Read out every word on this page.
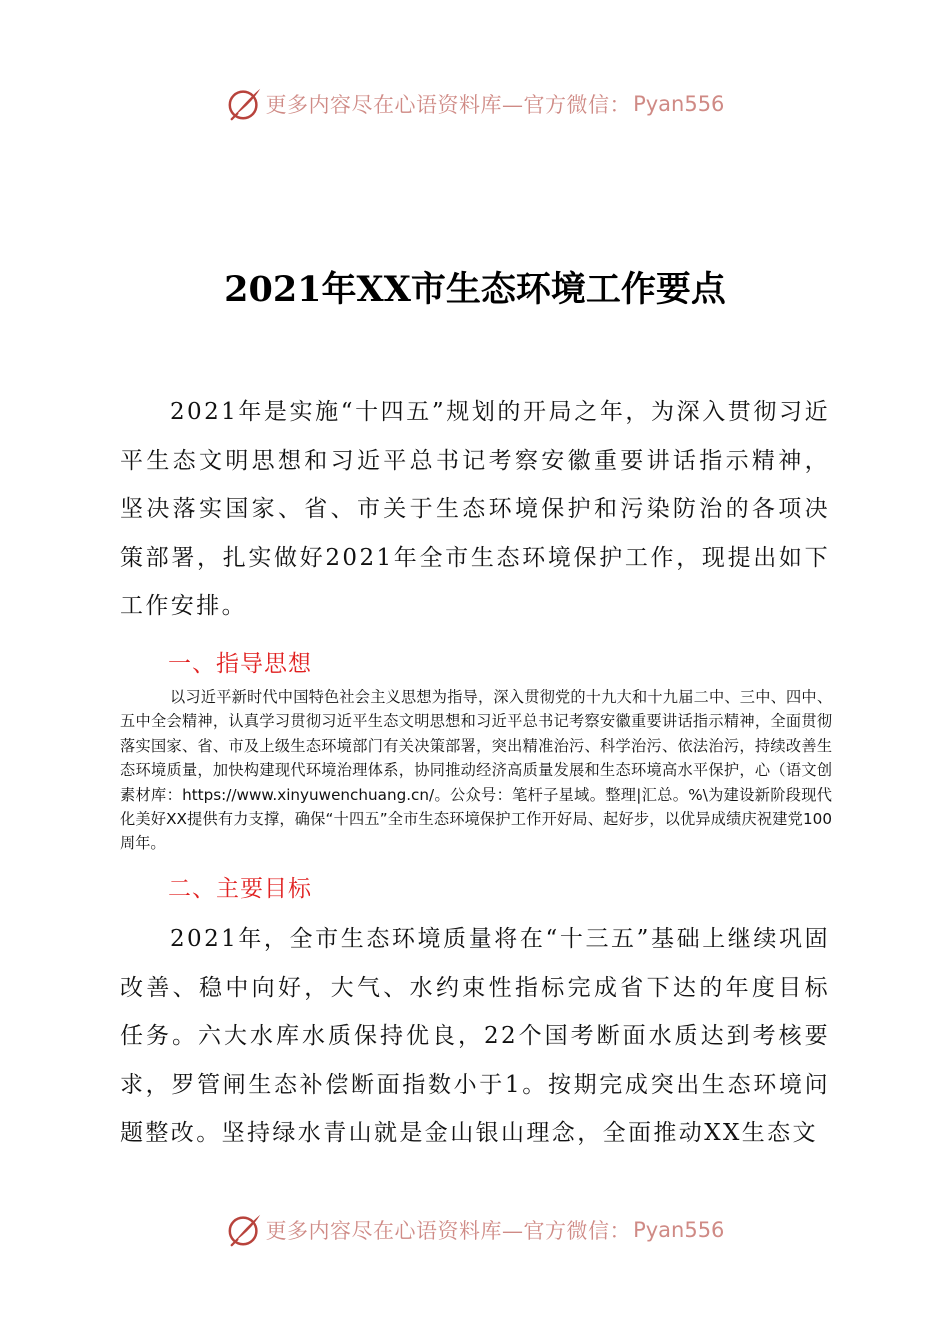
更多内容尽在心语资料库—官方微信： Pyan556
2021年XX市生态环境工作要点

2021年是实施“十四五”规划的开局之年，为深入贯彻习近平生态文明思想和习近平总书记考察安徽重要讲话指示精神，坚决落实国家、省、市关于生态环境保护和污染防治的各项决策部署，扎实做好2021年全市生态环境保护工作，现提出如下工作安排。

一、指导思想

以习近平新时代中国特色社会主义思想为指导，深入贯彻党的十九大和十九届二中、三中、四中、五中全会精神，认真学习贯彻习近平生态文明思想和习近平总书记考察安徽重要讲话指示精神，全面贯彻落实国家、省、市及上级生态环境部门有关决策部署，突出精准治污、科学治污、依法治污，持续改善生态环境质量，加快构建现代环境治理体系，协同推动经济高质量发展和生态环境高水平保护，心（语文创素材库：https://www.xinyuwenchuang.cn/。公众号：笔杆子星域。整理|汇总。%\为建设新阶段现代化美好XX提供有力支撑，确保“十四五”全市生态环境保护工作开好局、起好步，以优异成绩庆祝建党100周年。

二、主要目标

2021年，全市生态环境质量将在“十三五”基础上继续巩固改善、稳中向好，大气、水约束性指标完成省下达的年度目标任务。六大水库水质保持优良，22个国考断面水质达到考核要求，罗管闸生态补偿断面指数小于1。按期完成突出生态环境问题整改。坚持绿水青山就是金山银山理念，全面推动XX生态文

更多内容尽在心语资料库—官方微信： Pyan556
